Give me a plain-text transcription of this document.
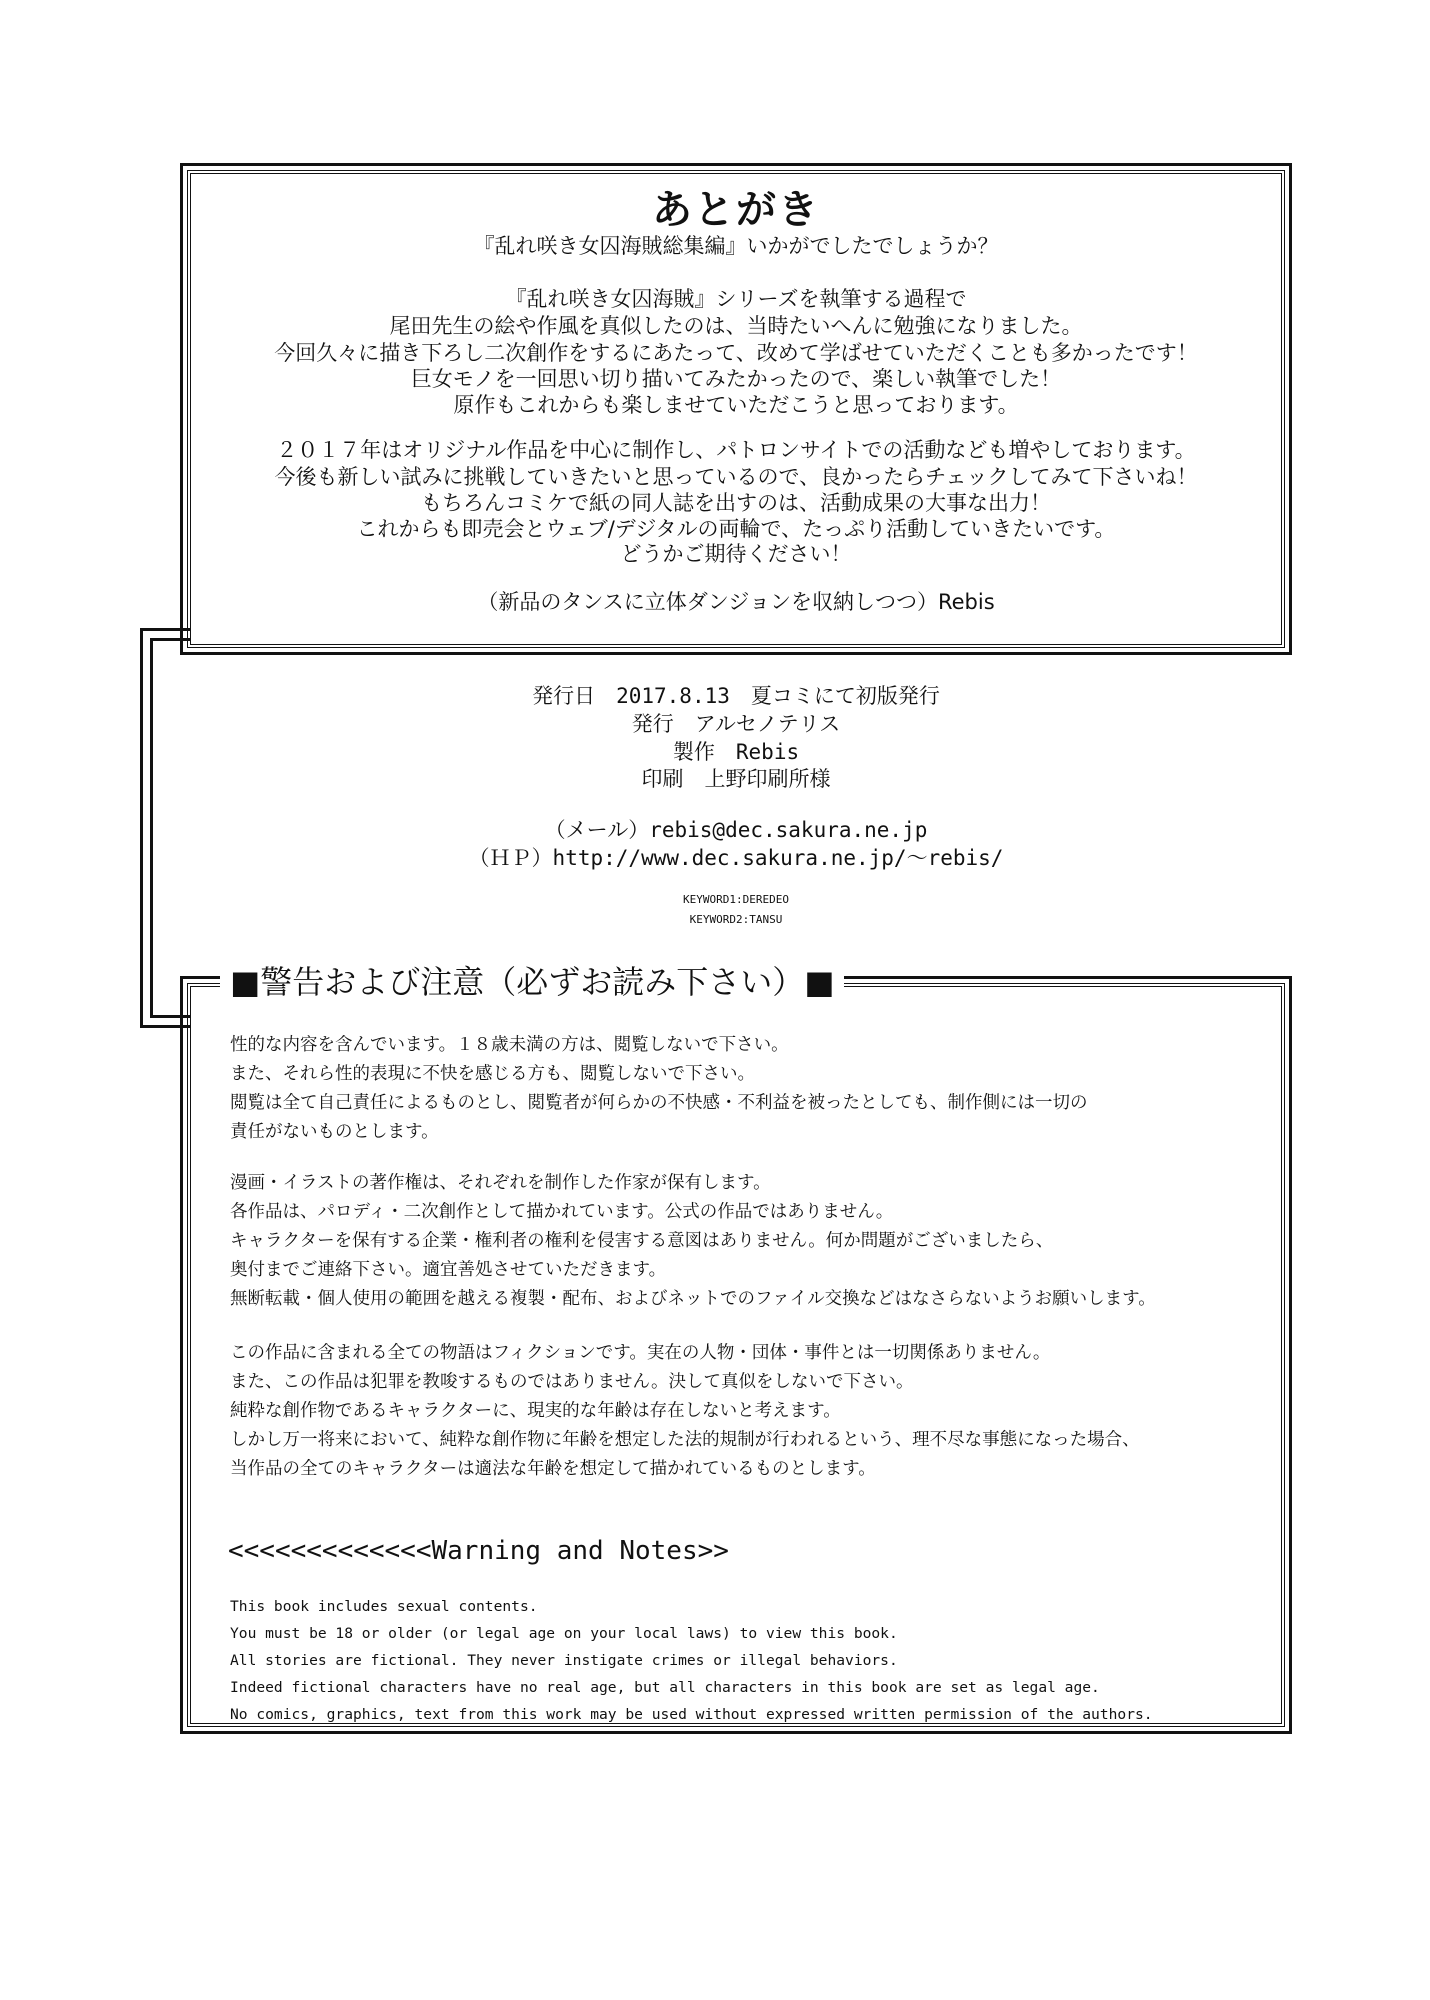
あとがき
『乱れ咲き女囚海賊総集編』いかがでしたでしょうか？
『乱れ咲き女囚海賊』シリーズを執筆する過程で
尾田先生の絵や作風を真似したのは、当時たいへんに勉強になりました。
今回久々に描き下ろし二次創作をするにあたって、改めて学ばせていただくことも多かったです！
巨女モノを一回思い切り描いてみたかったので、楽しい執筆でした！
原作もこれからも楽しませていただこうと思っております。
２０１７年はオリジナル作品を中心に制作し、パトロンサイトでの活動なども増やしております。
今後も新しい試みに挑戦していきたいと思っているので、良かったらチェックしてみて下さいね！
もちろんコミケで紙の同人誌を出すのは、活動成果の大事な出力！
これからも即売会とウェブ/デジタルの両輪で、たっぷり活動していきたいです。
どうかご期待ください！
（新品のタンスに立体ダンジョンを収納しつつ）Rebis
発行日　2017.8.13　夏コミにて初版発行
発行　アルセノテリス
製作　Rebis
印刷　上野印刷所様
（メール）rebis@dec.sakura.ne.jp
（ＨＰ）http://www.dec.sakura.ne.jp/～rebis/
KEYWORD1:DEREDEO
KEYWORD2:TANSU
■警告および注意（必ずお読み下さい）■
性的な内容を含んでいます。１８歳未満の方は、閲覧しないで下さい。
また、それら性的表現に不快を感じる方も、閲覧しないで下さい。
閲覧は全て自己責任によるものとし、閲覧者が何らかの不快感・不利益を被ったとしても、制作側には一切の
責任がないものとします。
漫画・イラストの著作権は、それぞれを制作した作家が保有します。
各作品は、パロディ・二次創作として描かれています。公式の作品ではありません。
キャラクターを保有する企業・権利者の権利を侵害する意図はありません。何か問題がございましたら、
奥付までご連絡下さい。適宜善処させていただきます。
無断転載・個人使用の範囲を越える複製・配布、およびネットでのファイル交換などはなさらないようお願いします。
この作品に含まれる全ての物語はフィクションです。実在の人物・団体・事件とは一切関係ありません。
また、この作品は犯罪を教唆するものではありません。決して真似をしないで下さい。
純粋な創作物であるキャラクターに、現実的な年齢は存在しないと考えます。
しかし万一将来において、純粋な創作物に年齢を想定した法的規制が行われるという、理不尽な事態になった場合、
当作品の全てのキャラクターは適法な年齢を想定して描かれているものとします。
<<<<<<<<<<<<<Warning and Notes>>
This book includes sexual contents.
You must be 18 or older (or legal age on your local laws) to view this book.
All stories are fictional. They never instigate crimes or illegal behaviors.
Indeed fictional characters have no real age, but all characters in this book are set as legal age.
No comics, graphics, text from this work may be used without expressed written permission of the authors.
